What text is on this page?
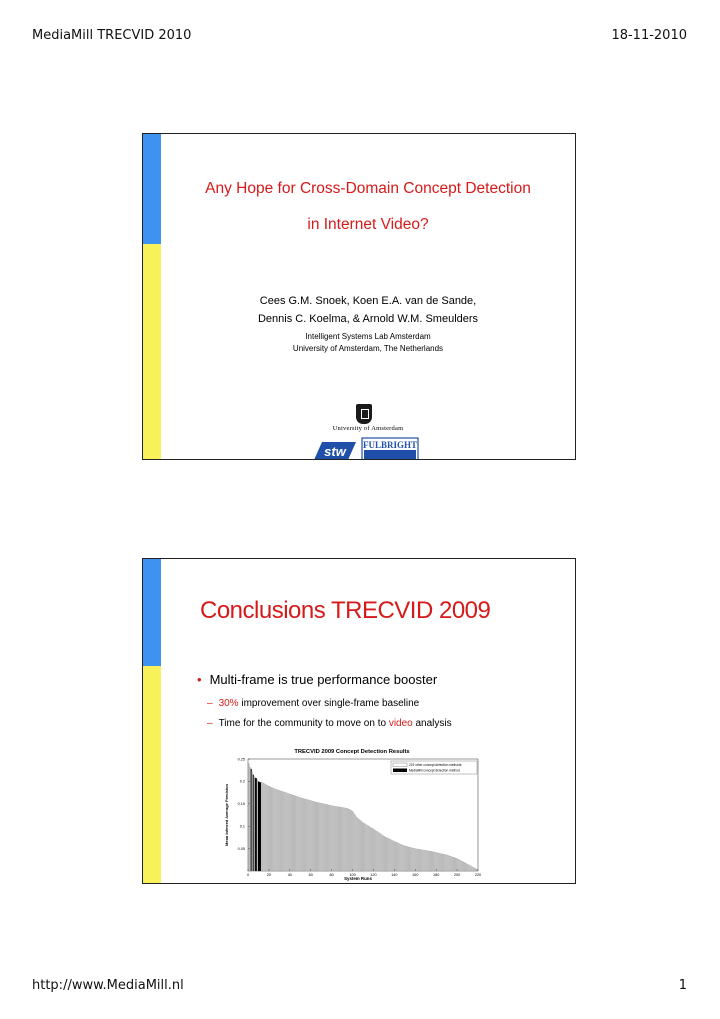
MediaMill TRECVID 2010	18-11-2010
Any Hope for Cross-Domain Concept Detection
in Internet Video?
Cees G.M. Snoek, Koen E.A. van de Sande,
Dennis C. Koelma, & Arnold W.M. Smeulders
Intelligent Systems Lab Amsterdam
University of Amsterdam, The Netherlands
University of Amsterdam
stw FULBRIGHT
Conclusions TRECVID 2009
• Multi-frame is true performance booster
– 30% improvement over single-frame baseline
– Time for the community to move on to video analysis
TRECVID 2009 Concept Detection Results
0.05
0.1
0.15
0.2
0.25
0	20	40	60	80	100	120	140	160	180	200	220
System Runs
Mean Inferred Average Precision
219 other concept detection methods
MediaMill concept detection method
http://www.MediaMill.nl	1
